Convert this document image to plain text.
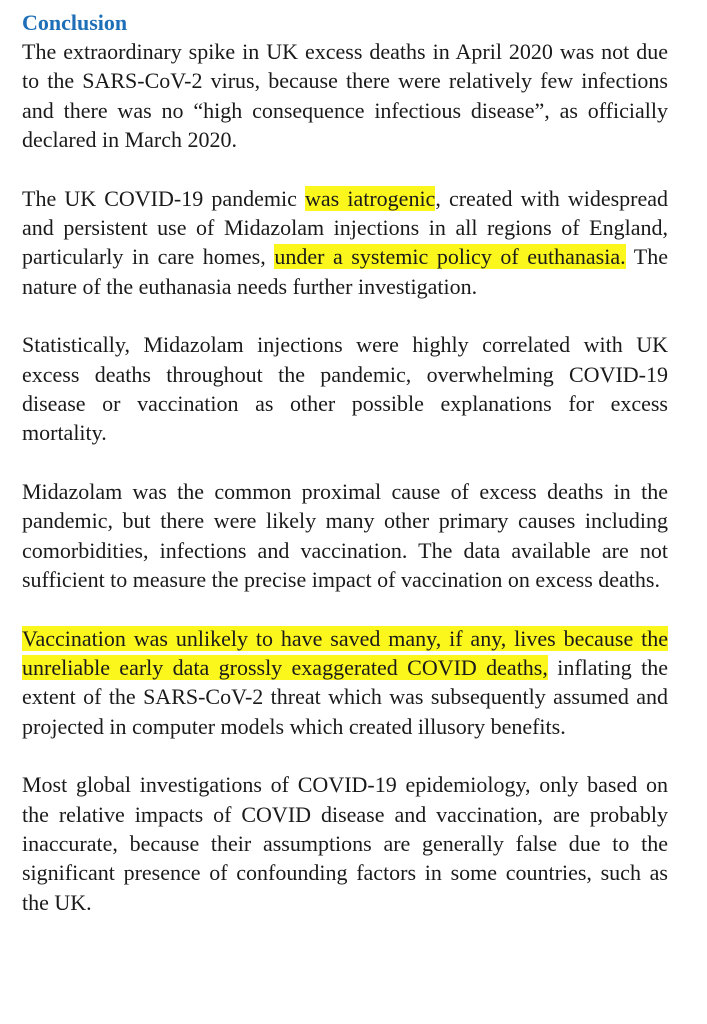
Conclusion

The extraordinary spike in UK excess deaths in April 2020 was not due to the SARS-CoV-2 virus, because there were relatively few infections and there was no “high consequence infectious disease”, as officially declared in March 2020.

The UK COVID-19 pandemic was iatrogenic, created with widespread and persistent use of Midazolam injections in all regions of England, particularly in care homes, under a systemic policy of euthanasia. The nature of the euthanasia needs further investigation.

Statistically, Midazolam injections were highly correlated with UK excess deaths throughout the pandemic, overwhelming COVID-19 disease or vaccination as other possible explanations for excess mortality.

Midazolam was the common proximal cause of excess deaths in the pandemic, but there were likely many other primary causes including comorbidities, infections and vaccination. The data available are not sufficient to measure the precise impact of vaccination on excess deaths.

Vaccination was unlikely to have saved many, if any, lives because the unreliable early data grossly exaggerated COVID deaths, inflating the extent of the SARS-CoV-2 threat which was subsequently assumed and projected in computer models which created illusory benefits.

Most global investigations of COVID-19 epidemiology, only based on the relative impacts of COVID disease and vaccination, are probably inaccurate, because their assumptions are generally false due to the significant presence of confounding factors in some countries, such as the UK.
